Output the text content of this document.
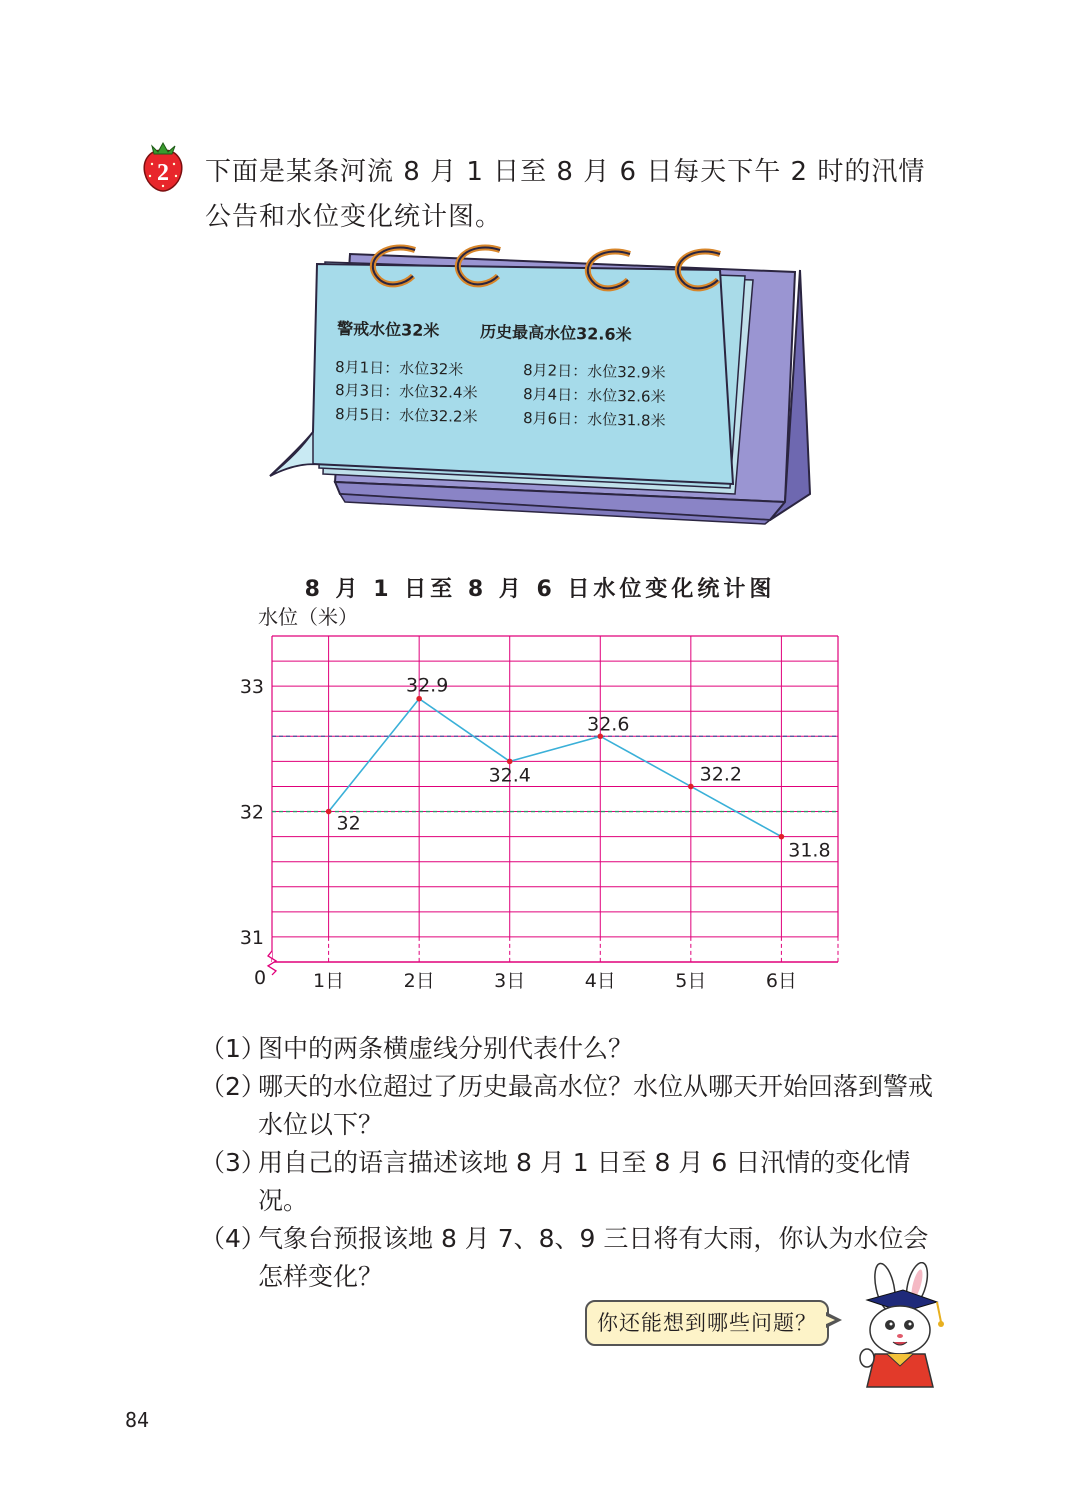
2 下面是某条河流 8 月 1 日至 8 月 6 日每天下午 2 时的汛情公告和水位变化统计图。
警戒水位32米	历史最高水位32.6米
8月1日：水位32米	8月2日：水位32.9米
8月3日：水位32.4米	8月4日：水位32.6米
8月5日：水位32.2米	8月6日：水位31.8米
8 月 1 日至 8 月 6 日水位变化统计图
水位（米）
32
32.9
32.4
32.6
32.2
31.8
33
32
31
1日	2日	3日	4日	5日	6日
0
（1）
图中的两条横虚线分别代表什么？
（2）
哪天的水位超过了历史最高水位？水位从哪天开始回落到警戒水位以下？
（3）
用自己的语言描述该地 8 月 1 日至 8 月 6 日汛情的变化情况。
（4）
气象台预报该地 8 月 7、8、9 三日将有大雨，你认为水位会怎样变化？
你还能想到哪些问题？
84
